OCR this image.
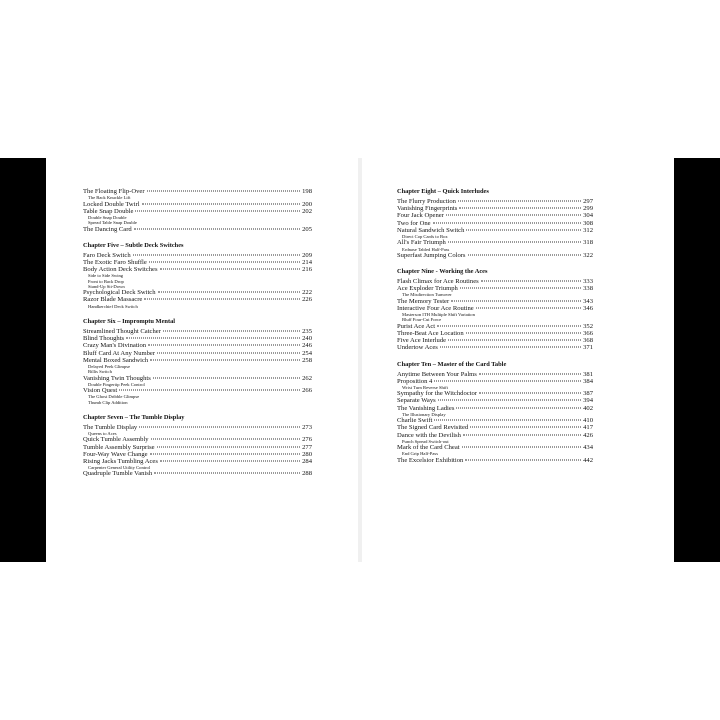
The Floating Flip-Over	198
The Back Knuckle Lift
Locked Double Twirl	200
Table Snap Double	202
Double Snap Double
Spread Table Snap Double
The Dancing Card	205
Chapter Five – Subtle Deck Switches
Faro Deck Switch	209
The Exotic Faro Shuffle	214
Body Action Deck Switches	216
Side to Side Swing
Front to Back Drop
Stand-Up Sit-Down
Psychological Deck Switch	222
Razor Blade Massacre	226
Handkerchief Deck Switch
Chapter Six – Impromptu Mental
Streamlined Thought Catcher	235
Blind Thoughts	240
Crazy Man's Divination	246
Bluff Card At Any Number	254
Mental Boxed Sandwich	258
Delayed Peek Glimpse
Billis Switch
Vanishing Twin Thoughts	262
Double Fingertip Peek Control
Vision Quest	266
The Ghost Dribble Glimpse
Thumb Clip Addition
Chapter Seven – The Tumble Display
The Tumble Display	273
Queens to Aces
Quick Tumble Assembly	276
Tumble Assembly Surprise	277
Four-Way Wave Change	280
Rising Jacks Tumbling Aces	284
Carpenter General Utility Control
Quadruple Tumble Vanish	288
Chapter Eight – Quick Interludes
The Flurry Production	297
Vanishing Fingerprints	299
Four Jack Opener	304
Two for One	308
Natural Sandwich Switch	312
Direct Cop Cards to Box
All's Fair Triumph	318
Erdnase Tabled Half-Pass
Superfast Jumping Colors	322
Chapter Nine - Working the Aces
Flash Climax for Ace Routines	333
Ace Exploder Triumph	338
The Misdirection Turnover
The Memory Tester	343
Interactive Four Ace Routine	346
Masterson ITH Multiple Shift Variation
Bluff Four-Cut Force
Purist Ace Act	352
Three-Beat Ace Location	366
Five Ace Interlude	368
Undertow Aces	371
Chapter Ten – Master of the Card Table
Anytime Between Your Palms	381
Proposition 4	384
Wrist Turn Reverse Shift
Sympathy for the Witchdoctor	387
Separate Ways	394
The Vanishing Ladies	402
The Illusionary Display
Charlie Swift	410
The Signed Card Revisited	417
Dance with the Devilish	426
Punch Spread Switch-out
Mark of the Card Cheat	434
End Grip Half-Pass
The Excelsior Exhibition	442
